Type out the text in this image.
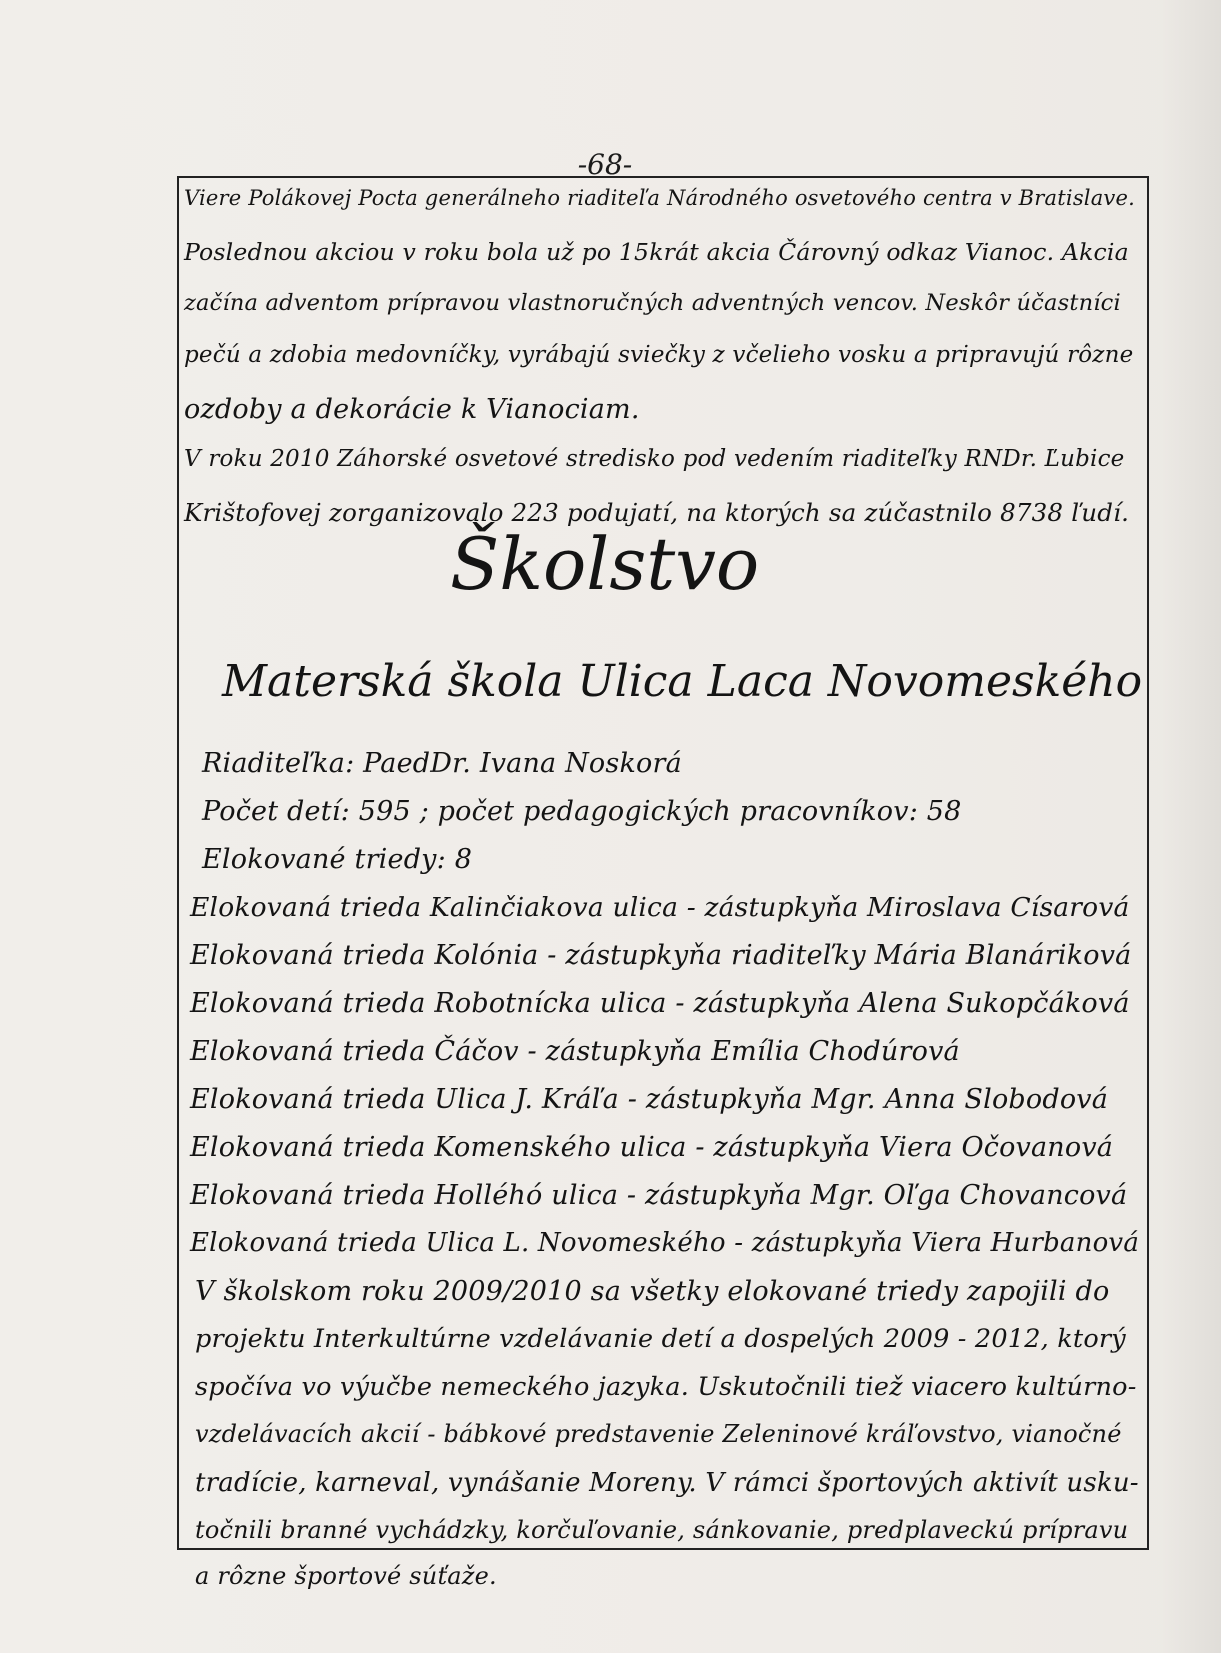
-68-
Viere Polákovej Pocta generálneho riaditeľa Národného osvetového centra v Bratislave.
Poslednou akciou v roku bola už po 15krát akcia Čárovný odkaz Vianoc. Akcia
začína adventom prípravou vlastnoručných adventných vencov. Neskôr účastníci
pečú a zdobia medovníčky, vyrábajú sviečky z včelieho vosku a pripravujú rôzne
ozdoby a dekorácie k Vianociam.
V roku 2010 Záhorské osvetové stredisko pod vedením riaditeľky RNDr. Ľubice
Krištofovej zorganizovalo 223 podujatí, na ktorých sa zúčastnilo 8738 ľudí.
Školstvo
Materská škola Ulica Laca Novomeského
Riaditeľka: PaedDr. Ivana Noskorá
Počet detí: 595 ; počet pedagogických pracovníkov: 58
Elokované triedy: 8
Elokovaná trieda Kalinčiakova ulica - zástupkyňa Miroslava Císarová
Elokovaná trieda Kolónia - zástupkyňa riaditeľky Mária Blanáriková
Elokovaná trieda Robotnícka ulica - zástupkyňa Alena Sukopčáková
Elokovaná trieda Čáčov - zástupkyňa Emília Chodúrová
Elokovaná trieda Ulica J. Kráľa - zástupkyňa Mgr. Anna Slobodová
Elokovaná trieda Komenského ulica - zástupkyňa Viera Očovanová
Elokovaná trieda Holléhó ulica - zástupkyňa Mgr. Oľga Chovancová
Elokovaná trieda Ulica L. Novomeského - zástupkyňa Viera Hurbanová
V školskom roku 2009/2010 sa všetky elokované triedy zapojili do
projektu Interkultúrne vzdelávanie detí a dospelých 2009 - 2012, ktorý
spočíva vo výučbe nemeckého jazyka. Uskutočnili tiež viacero kultúrno-
vzdelávacích akcií - bábkové predstavenie Zeleninové kráľovstvo, vianočné
tradície, karneval, vynášanie Moreny. V rámci športových aktivít usku-
točnili branné vychádzky, korčuľovanie, sánkovanie, predplaveckú prípravu
a rôzne športové súťaže.
